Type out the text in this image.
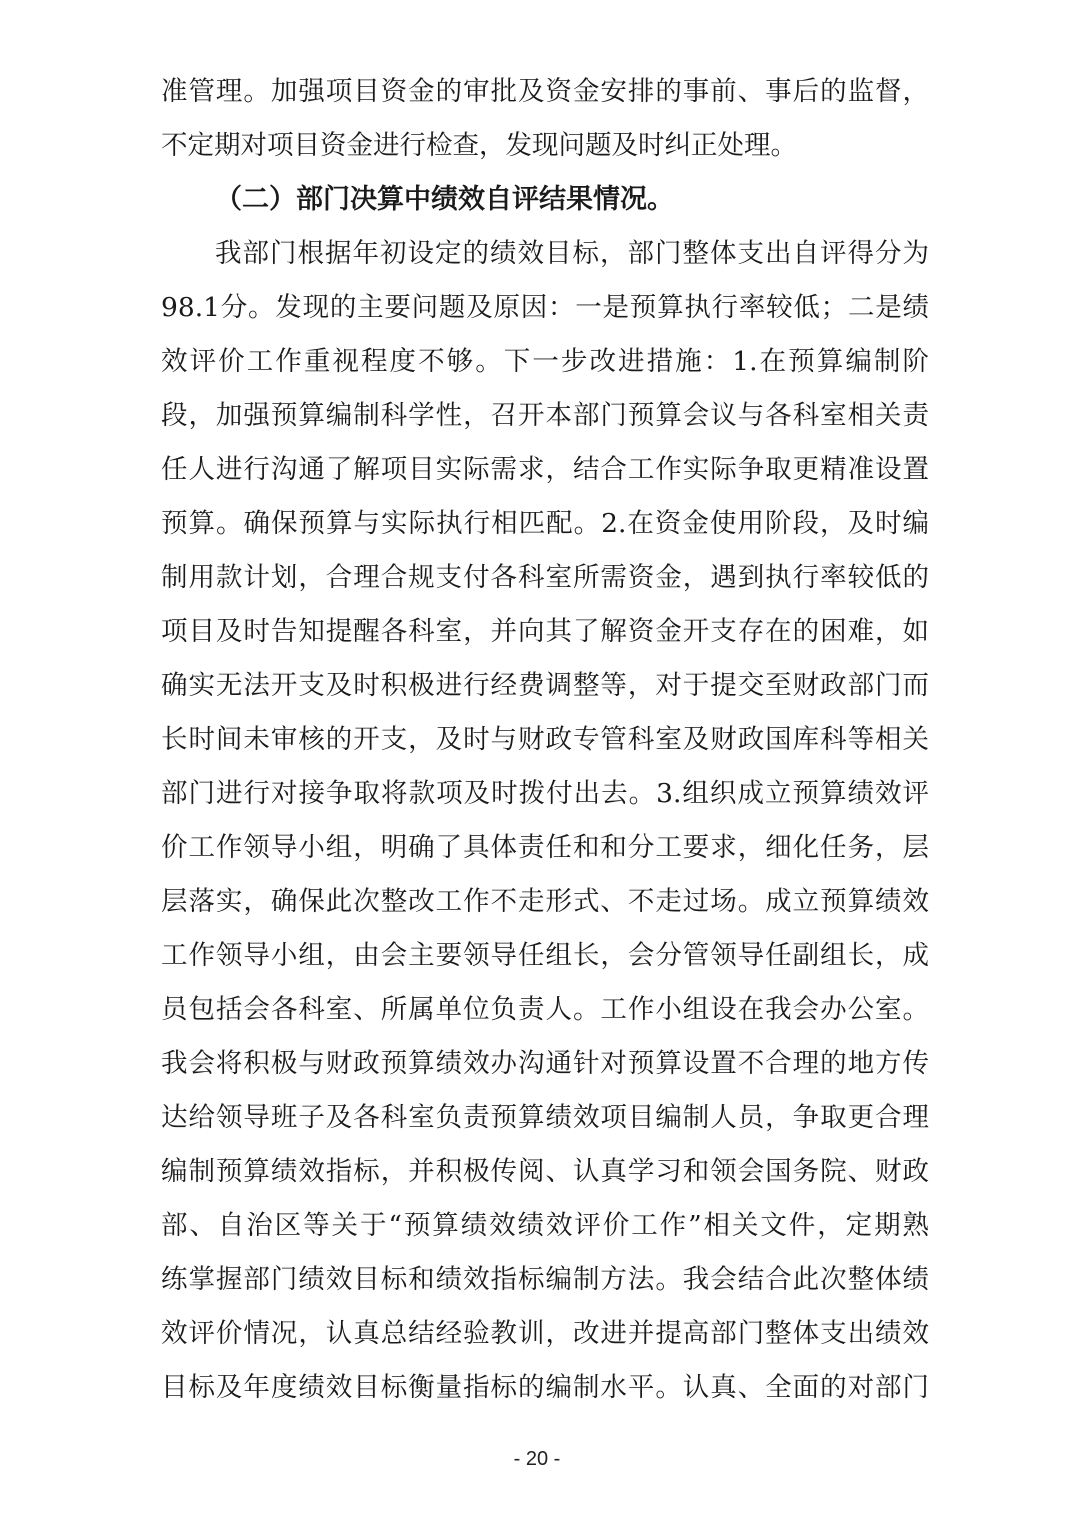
准管理。加强项目资金的审批及资金安排的事前、事后的监督，
不定期对项目资金进行检查，发现问题及时纠正处理。
（二）部门决算中绩效自评结果情况。
我部门根据年初设定的绩效目标，部门整体支出自评得分为
98.1分。发现的主要问题及原因：一是预算执行率较低；二是绩
效评价工作重视程度不够。下一步改进措施：1.在预算编制阶
段，加强预算编制科学性，召开本部门预算会议与各科室相关责
任人进行沟通了解项目实际需求，结合工作实际争取更精准设置
预算。确保预算与实际执行相匹配。2.在资金使用阶段，及时编
制用款计划，合理合规支付各科室所需资金，遇到执行率较低的
项目及时告知提醒各科室，并向其了解资金开支存在的困难，如
确实无法开支及时积极进行经费调整等，对于提交至财政部门而
长时间未审核的开支，及时与财政专管科室及财政国库科等相关
部门进行对接争取将款项及时拨付出去。3.组织成立预算绩效评
价工作领导小组，明确了具体责任和和分工要求，细化任务，层
层落实，确保此次整改工作不走形式、不走过场。成立预算绩效
工作领导小组，由会主要领导任组长，会分管领导任副组长，成
员包括会各科室、所属单位负责人。工作小组设在我会办公室。
我会将积极与财政预算绩效办沟通针对预算设置不合理的地方传
达给领导班子及各科室负责预算绩效项目编制人员，争取更合理
编制预算绩效指标，并积极传阅、认真学习和领会国务院、财政
部、自治区等关于“预算绩效绩效评价工作”相关文件，定期熟
练掌握部门绩效目标和绩效指标编制方法。我会结合此次整体绩
效评价情况，认真总结经验教训，改进并提高部门整体支出绩效
目标及年度绩效目标衡量指标的编制水平。认真、全面的对部门
- 20 -
